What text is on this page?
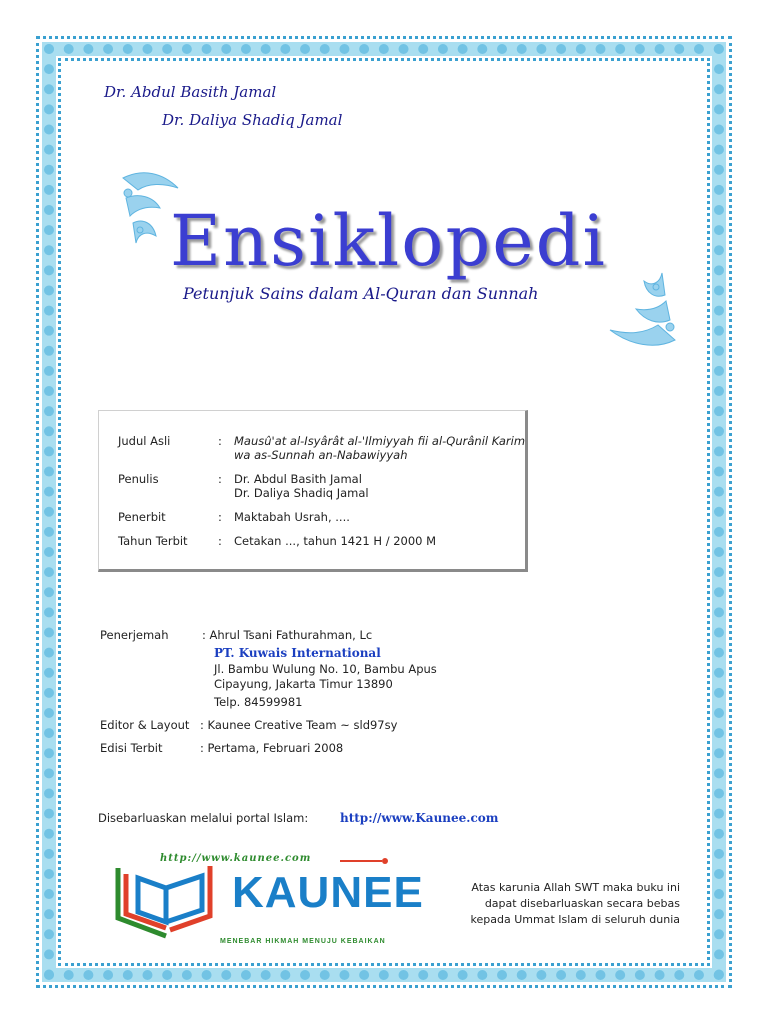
Dr. Abdul Basith Jamal
Dr. Daliya Shadiq Jamal
Ensiklopedi
Petunjuk Sains dalam Al-Quran dan Sunnah
Judul Asli	: Mausû'at al-Isyârât al-'Ilmiyyah fii al-Qurânil Karim
wa as-Sunnah an-Nabawiyyah
Penulis	: Dr. Abdul Basith Jamal
Dr. Daliya Shadiq Jamal
Penerbit	: Maktabah Usrah, ....
Tahun Terbit	: Cetakan ..., tahun 1421 H / 2000 M
Penerjemah	: Ahrul Tsani Fathurahman, Lc
PT. Kuwais International
Jl. Bambu Wulung No. 10, Bambu Apus
Cipayung, Jakarta Timur 13890
Telp. 84599981
Editor & Layout : Kaunee Creative Team ~ sld97sy
Edisi Terbit	: Pertama, Februari 2008
Disebarluaskan melalui portal Islam:	http://www.Kaunee.com
http://www.kaunee.com
KAUNEE
MENEBAR HIKMAH MENUJU KEBAIKAN
Atas karunia Allah SWT maka buku ini
dapat disebarluaskan secara bebas
kepada Ummat Islam di seluruh dunia
